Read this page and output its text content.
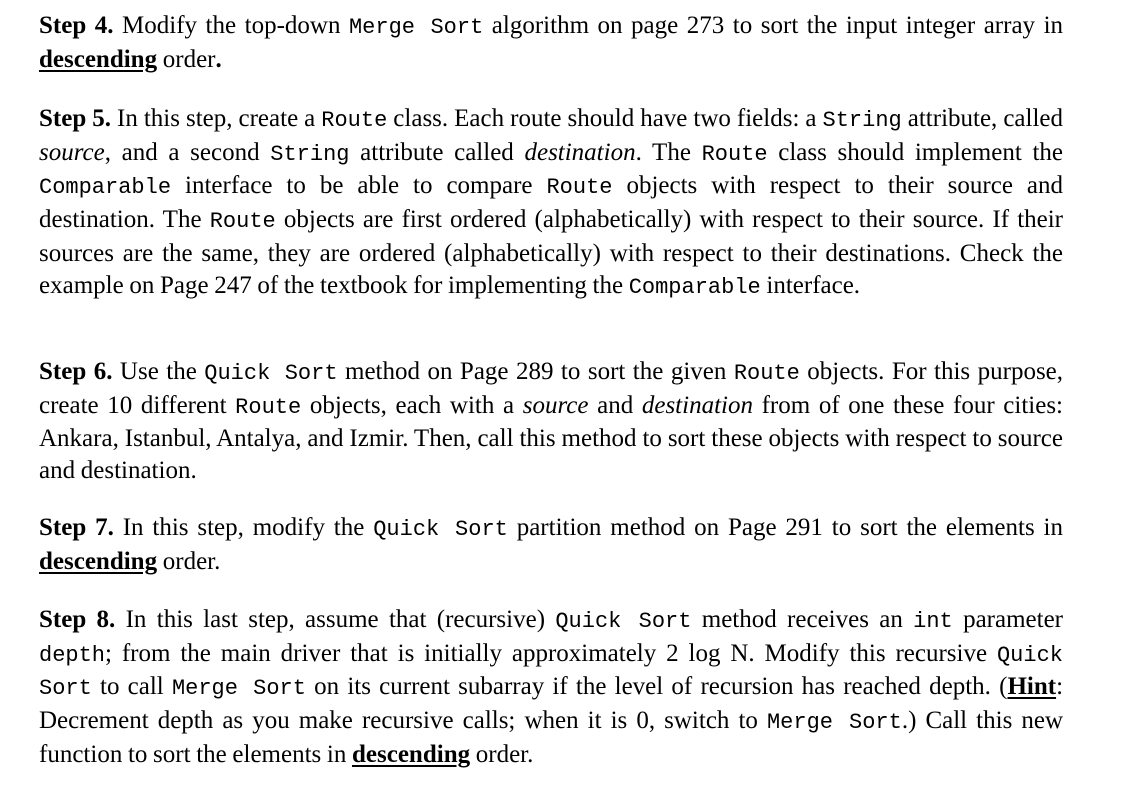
Step 4. Modify the top-down Merge Sort algorithm on page 273 to sort the input integer array in descending order.

Step 5. In this step, create a Route class. Each route should have two fields: a String attribute, called source, and a second String attribute called destination. The Route class should implement the Comparable interface to be able to compare Route objects with respect to their source and destination. The Route objects are first ordered (alphabetically) with respect to their source. If their sources are the same, they are ordered (alphabetically) with respect to their destinations. Check the example on Page 247 of the textbook for implementing the Comparable interface.

Step 6. Use the Quick Sort method on Page 289 to sort the given Route objects. For this purpose, create 10 different Route objects, each with a source and destination from of one these four cities: Ankara, Istanbul, Antalya, and Izmir. Then, call this method to sort these objects with respect to source and destination.

Step 7. In this step, modify the Quick Sort partition method on Page 291 to sort the elements in descending order.

Step 8. In this last step, assume that (recursive) Quick Sort method receives an int parameter depth; from the main driver that is initially approximately 2 log N. Modify this recursive Quick Sort to call Merge Sort on its current subarray if the level of recursion has reached depth. (Hint: Decrement depth as you make recursive calls; when it is 0, switch to Merge Sort.) Call this new function to sort the elements in descending order.
